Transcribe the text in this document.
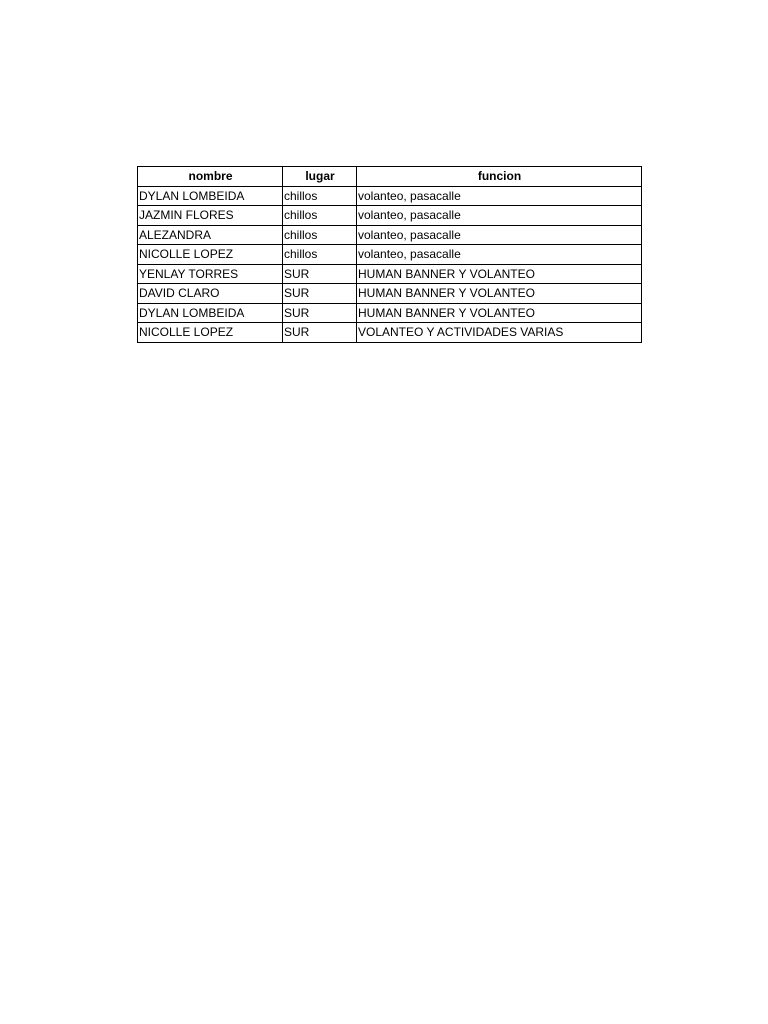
nombre	lugar	funcion
DYLAN LOMBEIDA	chillos	volanteo, pasacalle
JAZMIN FLORES	chillos	volanteo, pasacalle
ALEZANDRA	chillos	volanteo, pasacalle
NICOLLE LOPEZ	chillos	volanteo, pasacalle
YENLAY TORRES	SUR	HUMAN BANNER Y VOLANTEO
DAVID CLARO	SUR	HUMAN BANNER Y VOLANTEO
DYLAN LOMBEIDA	SUR	HUMAN BANNER Y VOLANTEO
NICOLLE LOPEZ	SUR	VOLANTEO Y ACTIVIDADES VARIAS
